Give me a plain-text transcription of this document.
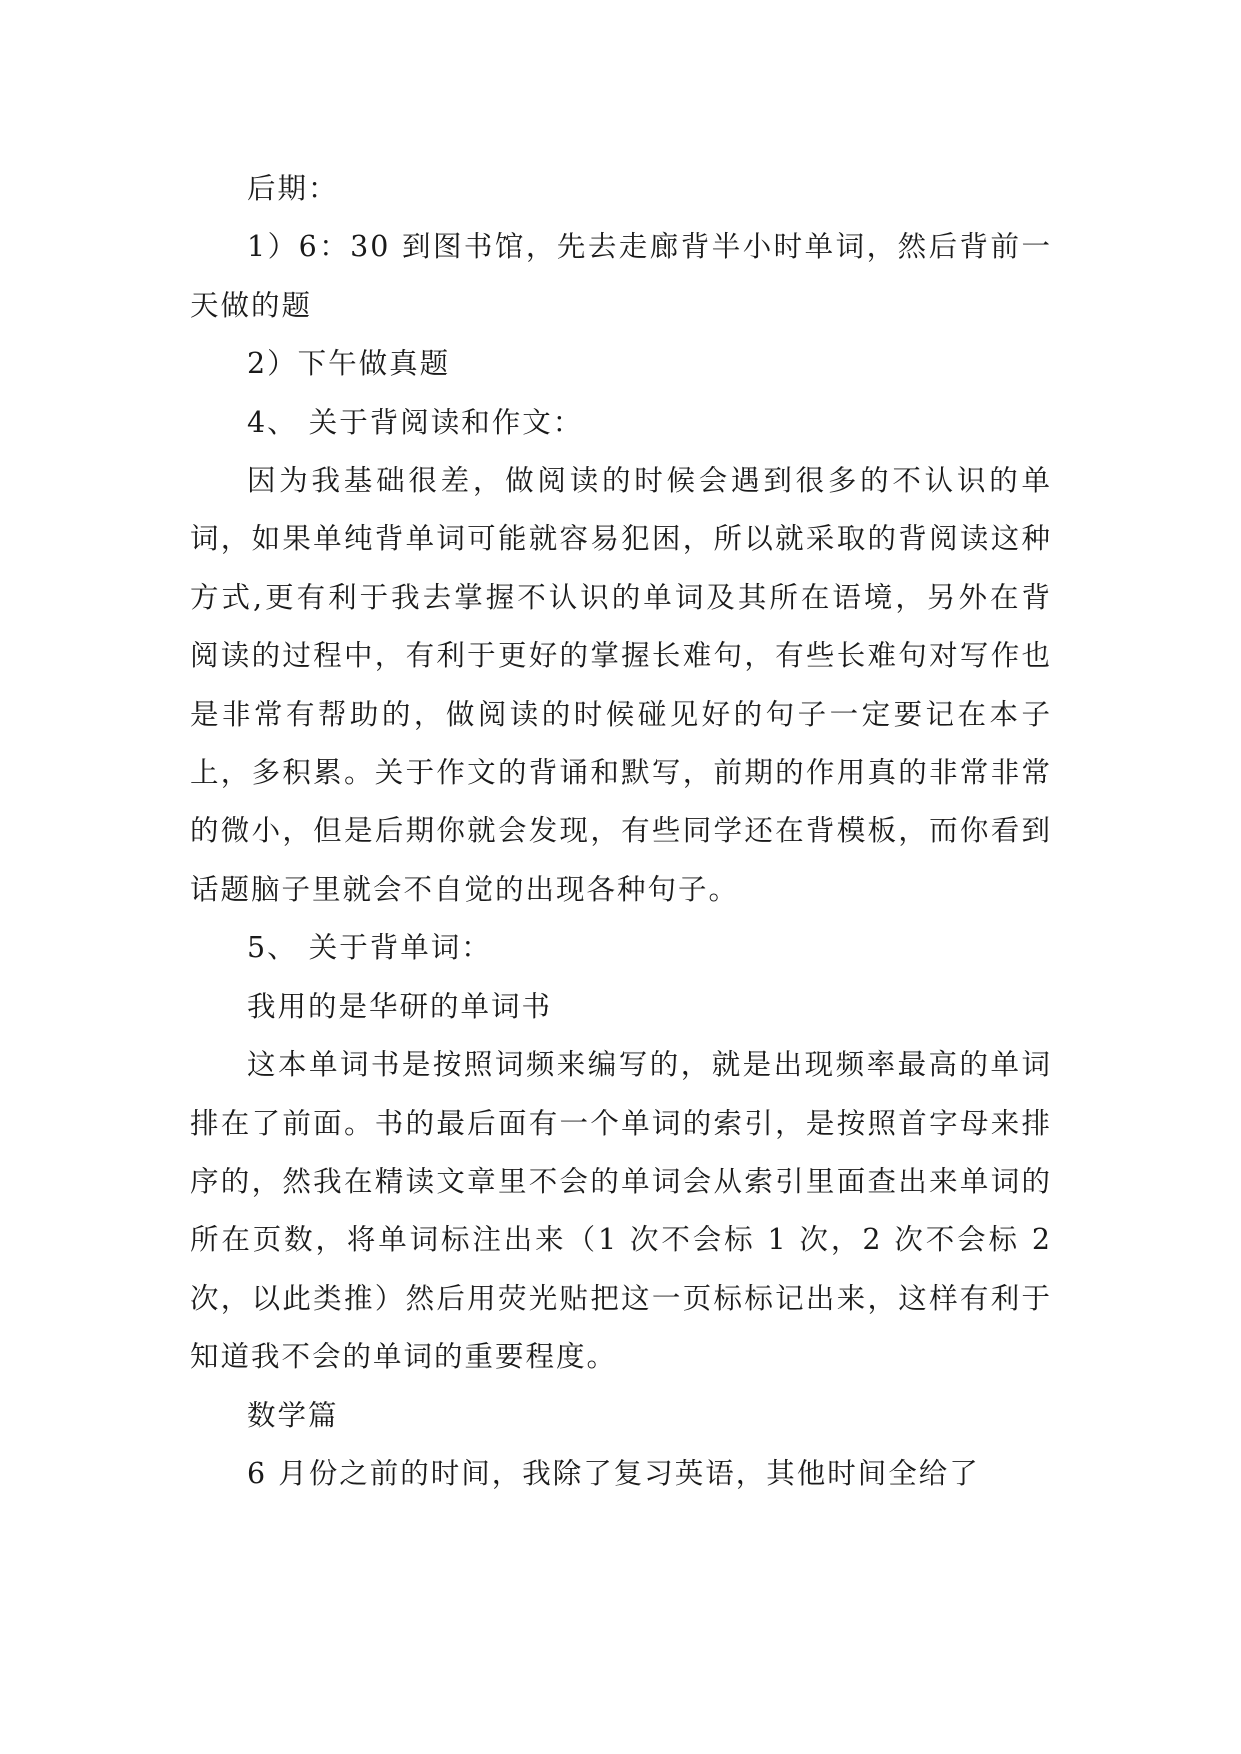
后期：

1）6：30 到图书馆，先去走廊背半小时单词，然后背前一天做的题

2）下午做真题

4、 关于背阅读和作文：

因为我基础很差，做阅读的时候会遇到很多的不认识的单词，如果单纯背单词可能就容易犯困，所以就采取的背阅读这种方式,更有利于我去掌握不认识的单词及其所在语境，另外在背阅读的过程中，有利于更好的掌握长难句，有些长难句对写作也是非常有帮助的，做阅读的时候碰见好的句子一定要记在本子上，多积累。关于作文的背诵和默写，前期的作用真的非常非常的微小，但是后期你就会发现，有些同学还在背模板，而你看到话题脑子里就会不自觉的出现各种句子。

5、 关于背单词：

我用的是华研的单词书

这本单词书是按照词频来编写的，就是出现频率最高的单词排在了前面。书的最后面有一个单词的索引，是按照首字母来排序的，然我在精读文章里不会的单词会从索引里面查出来单词的所在页数，将单词标注出来（1 次不会标 1 次，2 次不会标 2 次，以此类推）然后用荧光贴把这一页标标记出来，这样有利于知道我不会的单词的重要程度。

数学篇

6 月份之前的时间，我除了复习英语，其他时间全给了
